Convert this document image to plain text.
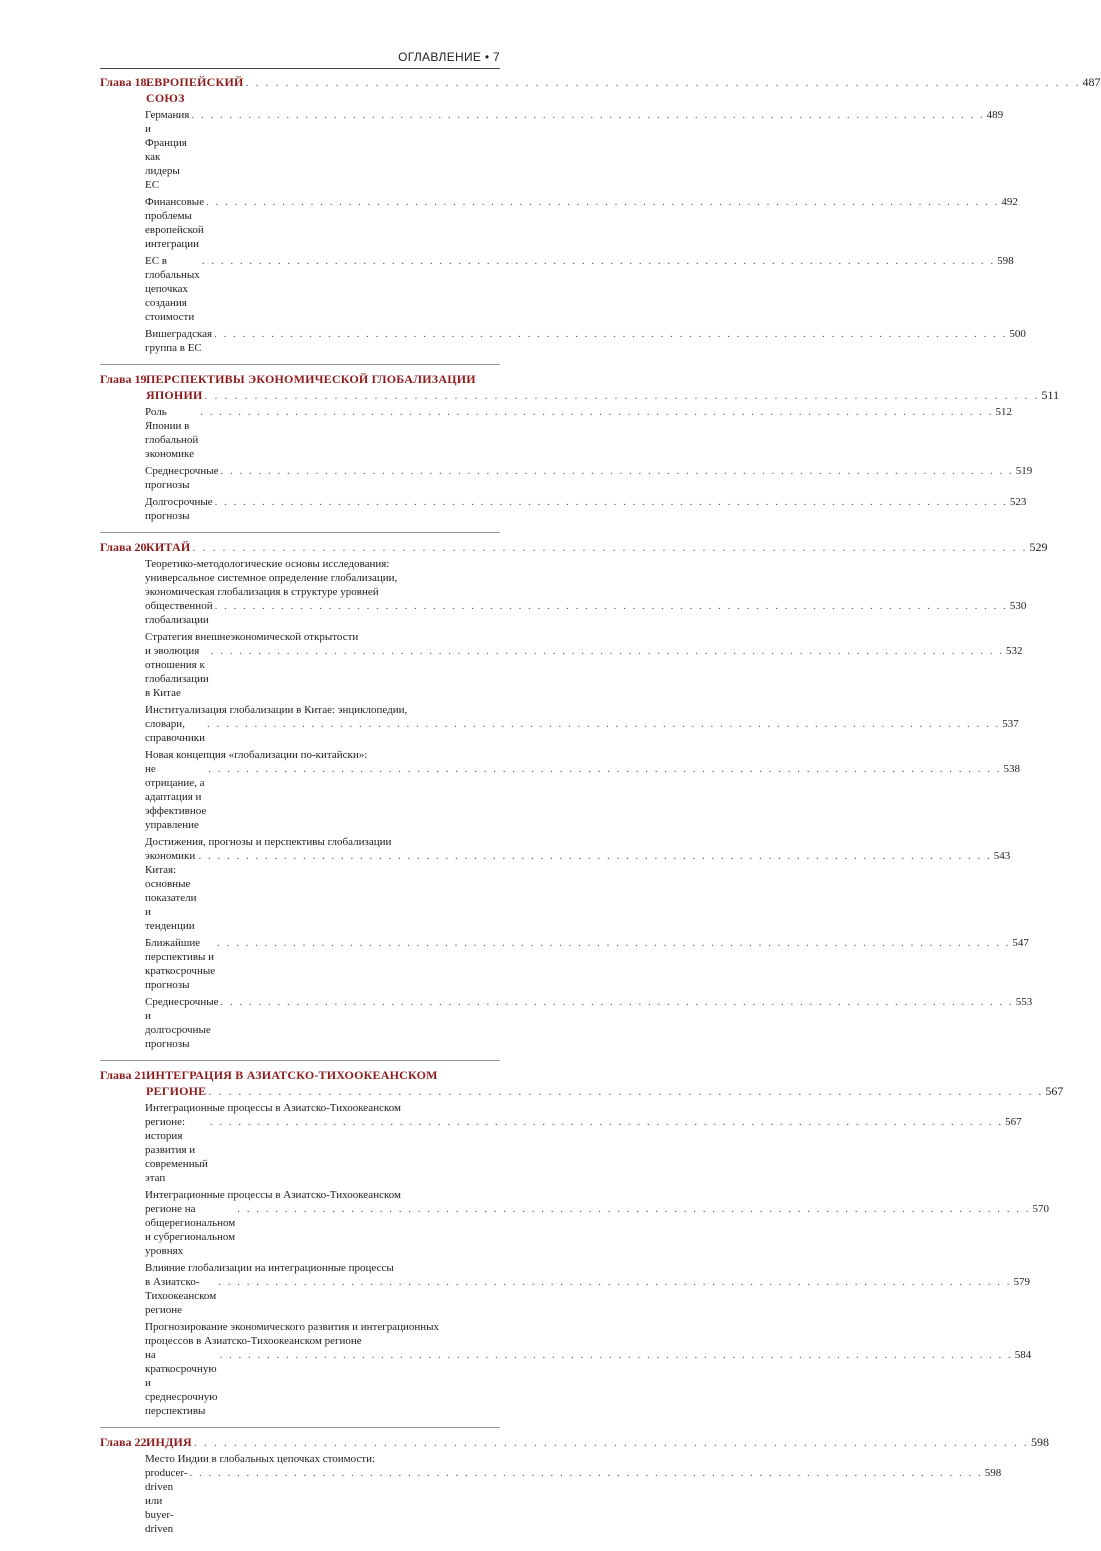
ОГЛАВЛЕНИЕ • 7
Глава 18.
ЕВРОПЕЙСКИЙ СОЮЗ
. . . . . . . . . . . . . . . . . . . . . . . . . . . . . . . . . . . . . . . . . . . . . . . . . . . . . . . . . . . . . . . . . . . . . . . . . . . . . . . . . . . . 487
Германия и Франция как лидеры ЕС
. . . . . . . . . . . . . . . . . . . . . . . . . . . . . . . . . . . . . . . . . . . . . . . . . . . . . . . . . . . . . . . . . . . . . . . . . . . . . . . . . . . . 489
Финансовые проблемы европейской интеграции
. . . . . . . . . . . . . . . . . . . . . . . . . . . . . . . . . . . . . . . . . . . . . . . . . . . . . . . . . . . . . . . . . . . . . . . . . . . . . . . . . . . . 492
ЕС в глобальных цепочках создания стоимости
. . . . . . . . . . . . . . . . . . . . . . . . . . . . . . . . . . . . . . . . . . . . . . . . . . . . . . . . . . . . . . . . . . . . . . . . . . . . . . . . . . . . 598
Вишеградская группа в ЕС
. . . . . . . . . . . . . . . . . . . . . . . . . . . . . . . . . . . . . . . . . . . . . . . . . . . . . . . . . . . . . . . . . . . . . . . . . . . . . . . . . . . . 500
Глава 19.
ПЕРСПЕКТИВЫ ЭКОНОМИЧЕСКОЙ ГЛОБАЛИЗАЦИИ
ЯПОНИИ . . . . . . . . . . . . . . . . . . . . . . . . . . . . . . . . . . . . . . . . . . . . . . . . . . . . . . . . . . . . . . . . . . . . . . . . . . . . . . . . . . . . 511
Роль Японии в глобальной экономике
. . . . . . . . . . . . . . . . . . . . . . . . . . . . . . . . . . . . . . . . . . . . . . . . . . . . . . . . . . . . . . . . . . . . . . . . . . . . . . . . . . . . 512
Среднесрочные прогнозы
. . . . . . . . . . . . . . . . . . . . . . . . . . . . . . . . . . . . . . . . . . . . . . . . . . . . . . . . . . . . . . . . . . . . . . . . . . . . . . . . . . . . 519
Долгосрочные прогнозы
. . . . . . . . . . . . . . . . . . . . . . . . . . . . . . . . . . . . . . . . . . . . . . . . . . . . . . . . . . . . . . . . . . . . . . . . . . . . . . . . . . . . 523
Глава 20.
КИТАЙ . . . . . . . . . . . . . . . . . . . . . . . . . . . . . . . . . . . . . . . . . . . . . . . . . . . . . . . . . . . . . . . . . . . . . . . . . . . . . . . . . . . . 529
Теоретико-методологические основы исследования:
универсальное системное определение глобализации,
экономическая глобализация в структуре уровней
общественной глобализации
. . . . . . . . . . . . . . . . . . . . . . . . . . . . . . . . . . . . . . . . . . . . . . . . . . . . . . . . . . . . . . . . . . . . . . . . . . . . . . . . . . . . 530
Стратегия внешнеэкономической открытости
и эволюция отношения к глобализации в Китае
. . . . . . . . . . . . . . . . . . . . . . . . . . . . . . . . . . . . . . . . . . . . . . . . . . . . . . . . . . . . . . . . . . . . . . . . . . . . . . . . . . . . 532
Институализация глобализации в Китае: энциклопедии,
словари, справочники
. . . . . . . . . . . . . . . . . . . . . . . . . . . . . . . . . . . . . . . . . . . . . . . . . . . . . . . . . . . . . . . . . . . . . . . . . . . . . . . . . . . . 537
Новая концепция «глобализации по-китайски»:
не отрицание, а адаптация и эффективное управление
. . . . . . . . . . . . . . . . . . . . . . . . . . . . . . . . . . . . . . . . . . . . . . . . . . . . . . . . . . . . . . . . . . . . . . . . . . . . . . . . . . . . 538
Достижения, прогнозы и перспективы глобализации
экономики Китая: основные показатели и тенденции
. . . . . . . . . . . . . . . . . . . . . . . . . . . . . . . . . . . . . . . . . . . . . . . . . . . . . . . . . . . . . . . . . . . . . . . . . . . . . . . . . . . . 543
Ближайшие перспективы и краткосрочные прогнозы
. . . . . . . . . . . . . . . . . . . . . . . . . . . . . . . . . . . . . . . . . . . . . . . . . . . . . . . . . . . . . . . . . . . . . . . . . . . . . . . . . . . . 547
Среднесрочные и долгосрочные прогнозы
. . . . . . . . . . . . . . . . . . . . . . . . . . . . . . . . . . . . . . . . . . . . . . . . . . . . . . . . . . . . . . . . . . . . . . . . . . . . . . . . . . . . 553
Глава 21.
ИНТЕГРАЦИЯ В АЗИАТСКО-ТИХООКЕАНСКОМ
РЕГИОНЕ . . . . . . . . . . . . . . . . . . . . . . . . . . . . . . . . . . . . . . . . . . . . . . . . . . . . . . . . . . . . . . . . . . . . . . . . . . . . . . . . . . . . 567
Интеграционные процессы в Азиатско-Тихоокеанском
регионе: история развития и современный этап
. . . . . . . . . . . . . . . . . . . . . . . . . . . . . . . . . . . . . . . . . . . . . . . . . . . . . . . . . . . . . . . . . . . . . . . . . . . . . . . . . . . . 567
Интеграционные процессы в Азиатско-Тихоокеанском
регионе на общерегиональном и субрегиональном уровнях
. . . . . . . . . . . . . . . . . . . . . . . . . . . . . . . . . . . . . . . . . . . . . . . . . . . . . . . . . . . . . . . . . . . . . . . . . . . . . . . . . . . . 570
Влияние глобализации на интеграционные процессы
в Азиатско-Тихоокеанском регионе
. . . . . . . . . . . . . . . . . . . . . . . . . . . . . . . . . . . . . . . . . . . . . . . . . . . . . . . . . . . . . . . . . . . . . . . . . . . . . . . . . . . . 579
Прогнозирование экономического развития и интеграционных
процессов в Азиатско-Тихоокеанском регионе
на краткосрочную и среднесрочную перспективы
. . . . . . . . . . . . . . . . . . . . . . . . . . . . . . . . . . . . . . . . . . . . . . . . . . . . . . . . . . . . . . . . . . . . . . . . . . . . . . . . . . . . 584
Глава 22.
ИНДИЯ . . . . . . . . . . . . . . . . . . . . . . . . . . . . . . . . . . . . . . . . . . . . . . . . . . . . . . . . . . . . . . . . . . . . . . . . . . . . . . . . . . . . 598
Место Индии в глобальных цепочках стоимости:
producer-driven или buyer-driven
. . . . . . . . . . . . . . . . . . . . . . . . . . . . . . . . . . . . . . . . . . . . . . . . . . . . . . . . . . . . . . . . . . . . . . . . . . . . . . . . . . . . 598
